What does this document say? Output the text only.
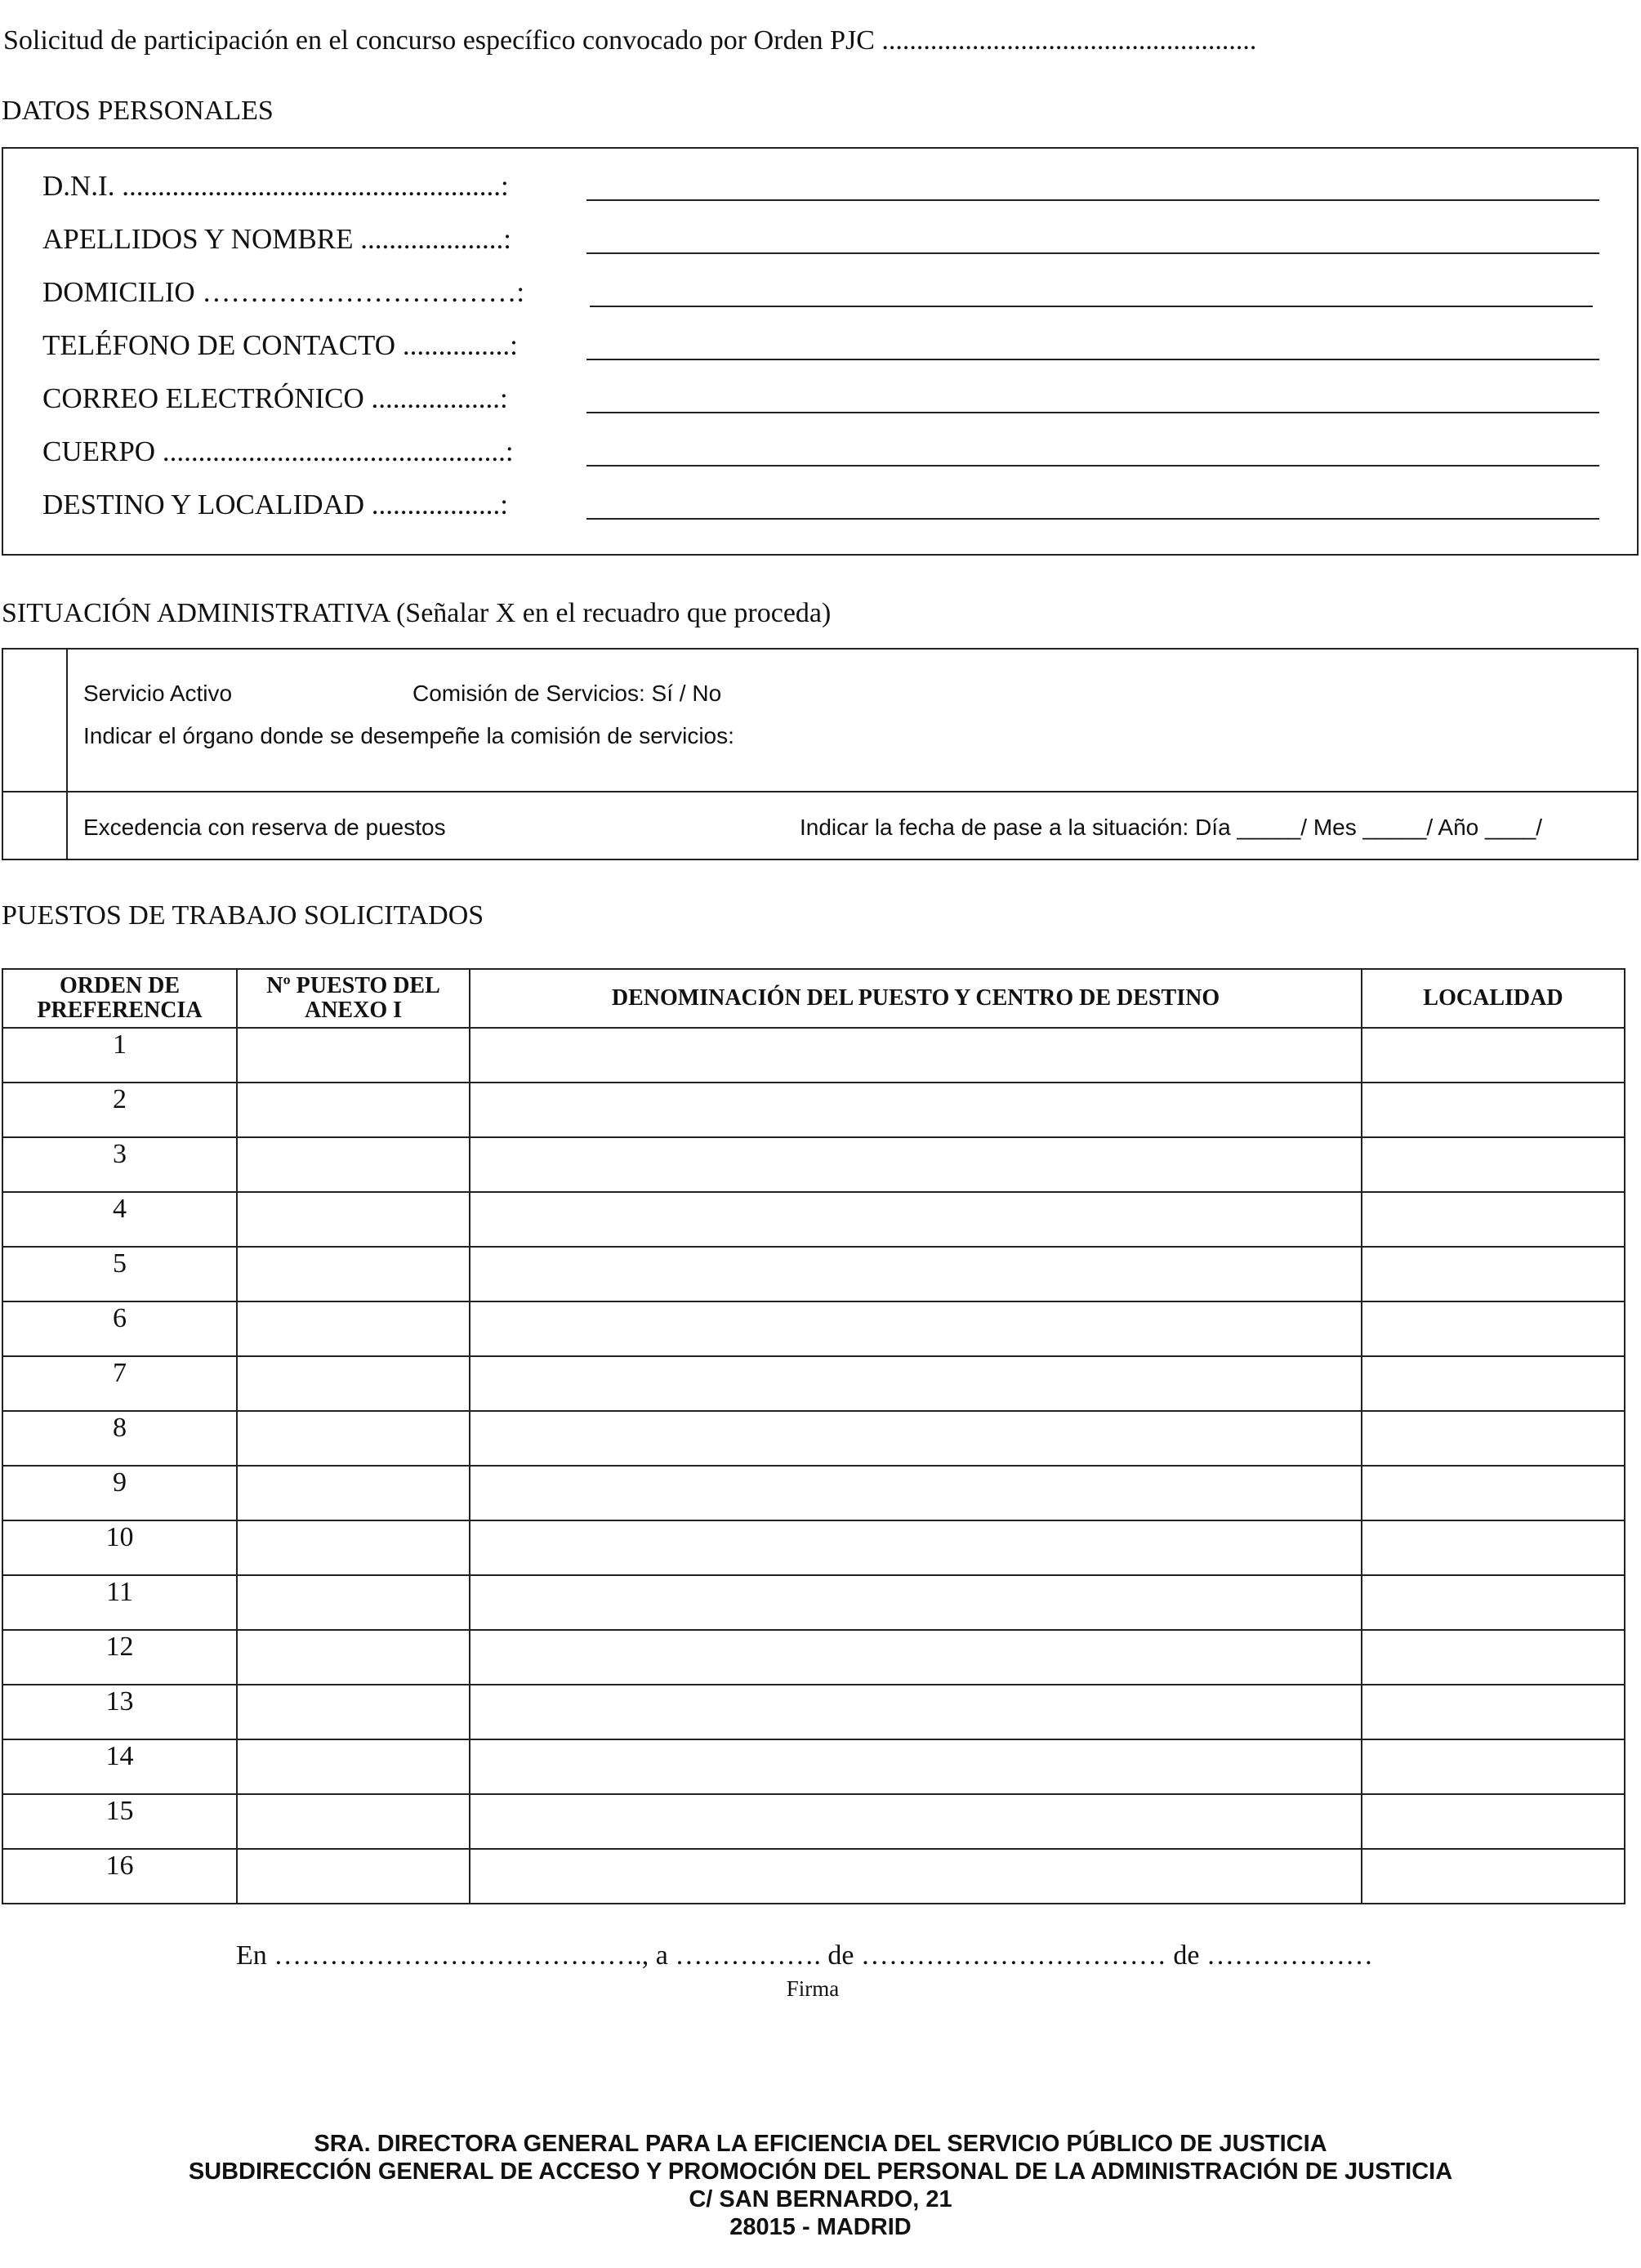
Solicitud de participación en el concurso específico convocado por Orden PJC ......................................................
DATOS PERSONALES
D.N.I. .....................................................:
APELLIDOS Y NOMBRE ....................:
DOMICILIO ……………………………:
TELÉFONO DE CONTACTO ...............:
CORREO ELECTRÓNICO ..................:
CUERPO ................................................:
DESTINO Y LOCALIDAD ..................:
SITUACIÓN ADMINISTRATIVA (Señalar X en el recuadro que proceda)
Servicio Activo	Comisión de Servicios: Sí / No
Indicar el órgano donde se desempeñe la comisión de servicios:
Excedencia con reserva de puestos	Indicar la fecha de pase a la situación: Día _____/ Mes _____/ Año ____/
PUESTOS DE TRABAJO SOLICITADOS
ORDEN DE PREFERENCIA	Nº PUESTO DEL ANEXO I	DENOMINACIÓN DEL PUESTO Y CENTRO DE DESTINO	LOCALIDAD
1			
2			
3			
4			
5			
6			
7			
8			
9			
10			
11			
12			
13			
14			
15			
16			
En …………………………………., a ……………. de …………………………… de ………………
Firma
SRA. DIRECTORA GENERAL PARA LA EFICIENCIA DEL SERVICIO PÚBLICO DE JUSTICIA
SUBDIRECCIÓN GENERAL DE ACCESO Y PROMOCIÓN DEL PERSONAL DE LA ADMINISTRACIÓN DE JUSTICIA
C/ SAN BERNARDO, 21
28015 - MADRID
